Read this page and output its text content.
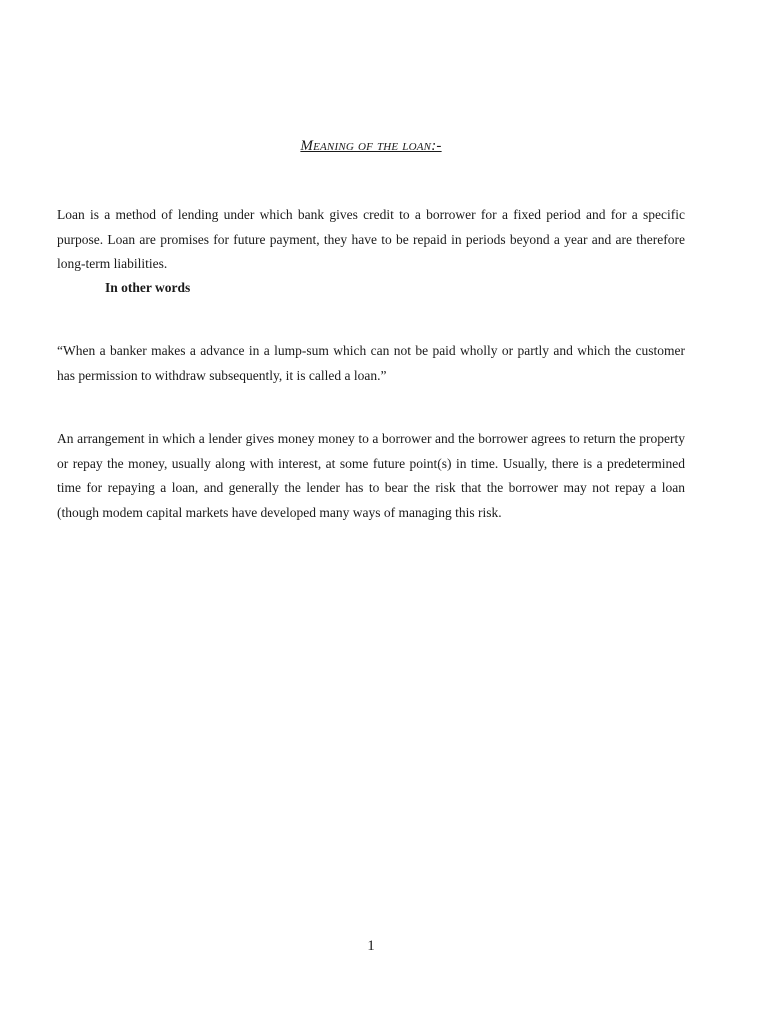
Meaning of the loan:-

Loan is a method of lending under which bank gives credit to a borrower for a fixed period and for a specific purpose. Loan are promises for future payment, they have to be repaid in periods beyond a year and are therefore long-term liabilities.

In other words

“When a banker makes a advance in a lump-sum which can not be paid wholly or partly and which the customer has permission to withdraw subsequently, it is called a loan.”

An arrangement in which a lender gives money money to a borrower and the borrower agrees to return the property or repay the money, usually along with interest, at some future point(s) in time. Usually, there is a predetermined time for repaying a loan, and generally the lender has to bear the risk that the borrower may not repay a loan (though modem capital markets have developed many ways of managing this risk.

1
